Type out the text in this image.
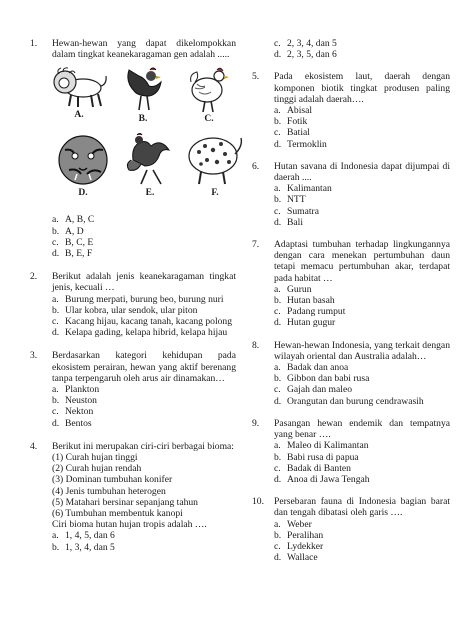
1.	Hewan-hewan yang dapat dikelompokkan dalam tingkat keanekaragaman gen adalah .....
A.	B.	C.
D.	E.	F.
a. A, B, C
b. A, D
c. B, C, E
d. B, E, F
2.	Berikut adalah jenis keanekaragaman tingkat jenis, kecuali …
a. Burung merpati, burung beo, burung nuri
b. Ular kobra, ular sendok, ular piton
c. Kacang hijau, kacang tanah, kacang polong
d. Kelapa gading, kelapa hibrid, kelapa hijau
3.	Berdasarkan kategori kehidupan pada ekosistem perairan, hewan yang aktif berenang tanpa terpengaruh oleh arus air dinamakan…
a. Plankton
b. Neuston
c. Nekton
d. Bentos
4.	Berikut ini merupakan ciri-ciri berbagai bioma:
(1) Curah hujan tinggi
(2) Curah hujan rendah
(3) Dominan tumbuhan konifer
(4) Jenis tumbuhan heterogen
(5) Matahari bersinar sepanjang tahun
(6) Tumbuhan membentuk kanopi
Ciri bioma hutan hujan tropis adalah ….
a. 1, 4, 5, dan 6
b. 1, 3, 4, dan 5
c. 2, 3, 4, dan 5
d. 2, 3, 5, dan 6
5.	Pada ekosistem laut, daerah dengan komponen biotik tingkat produsen paling tinggi adalah daerah….
a. Abisal
b. Fotik
c. Batial
d. Termoklin
6.	Hutan savana di Indonesia dapat dijumpai di daerah ....
a. Kalimantan
b. NTT
c. Sumatra
d. Bali
7.	Adaptasi tumbuhan terhadap lingkungannya dengan cara menekan pertumbuhan daun tetapi memacu pertumbuhan akar, terdapat pada habitat …
a. Gurun
b. Hutan basah
c. Padang rumput
d. Hutan gugur
8.	Hewan-hewan Indonesia, yang terkait dengan wilayah oriental dan Australia adalah…
a. Badak dan anoa
b. Gibbon dan babi rusa
c. Gajah dan maleo
d. Orangutan dan burung cendrawasih
9.	Pasangan hewan endemik dan tempatnya yang benar ….
a. Maleo di Kalimantan
b. Babi rusa di papua
c. Badak di Banten
d. Anoa di Jawa Tengah
10.	Persebaran fauna di Indonesia bagian barat dan tengah dibatasi oleh garis ….
a. Weber
b. Peralihan
c. Lydekker
d. Wallace
